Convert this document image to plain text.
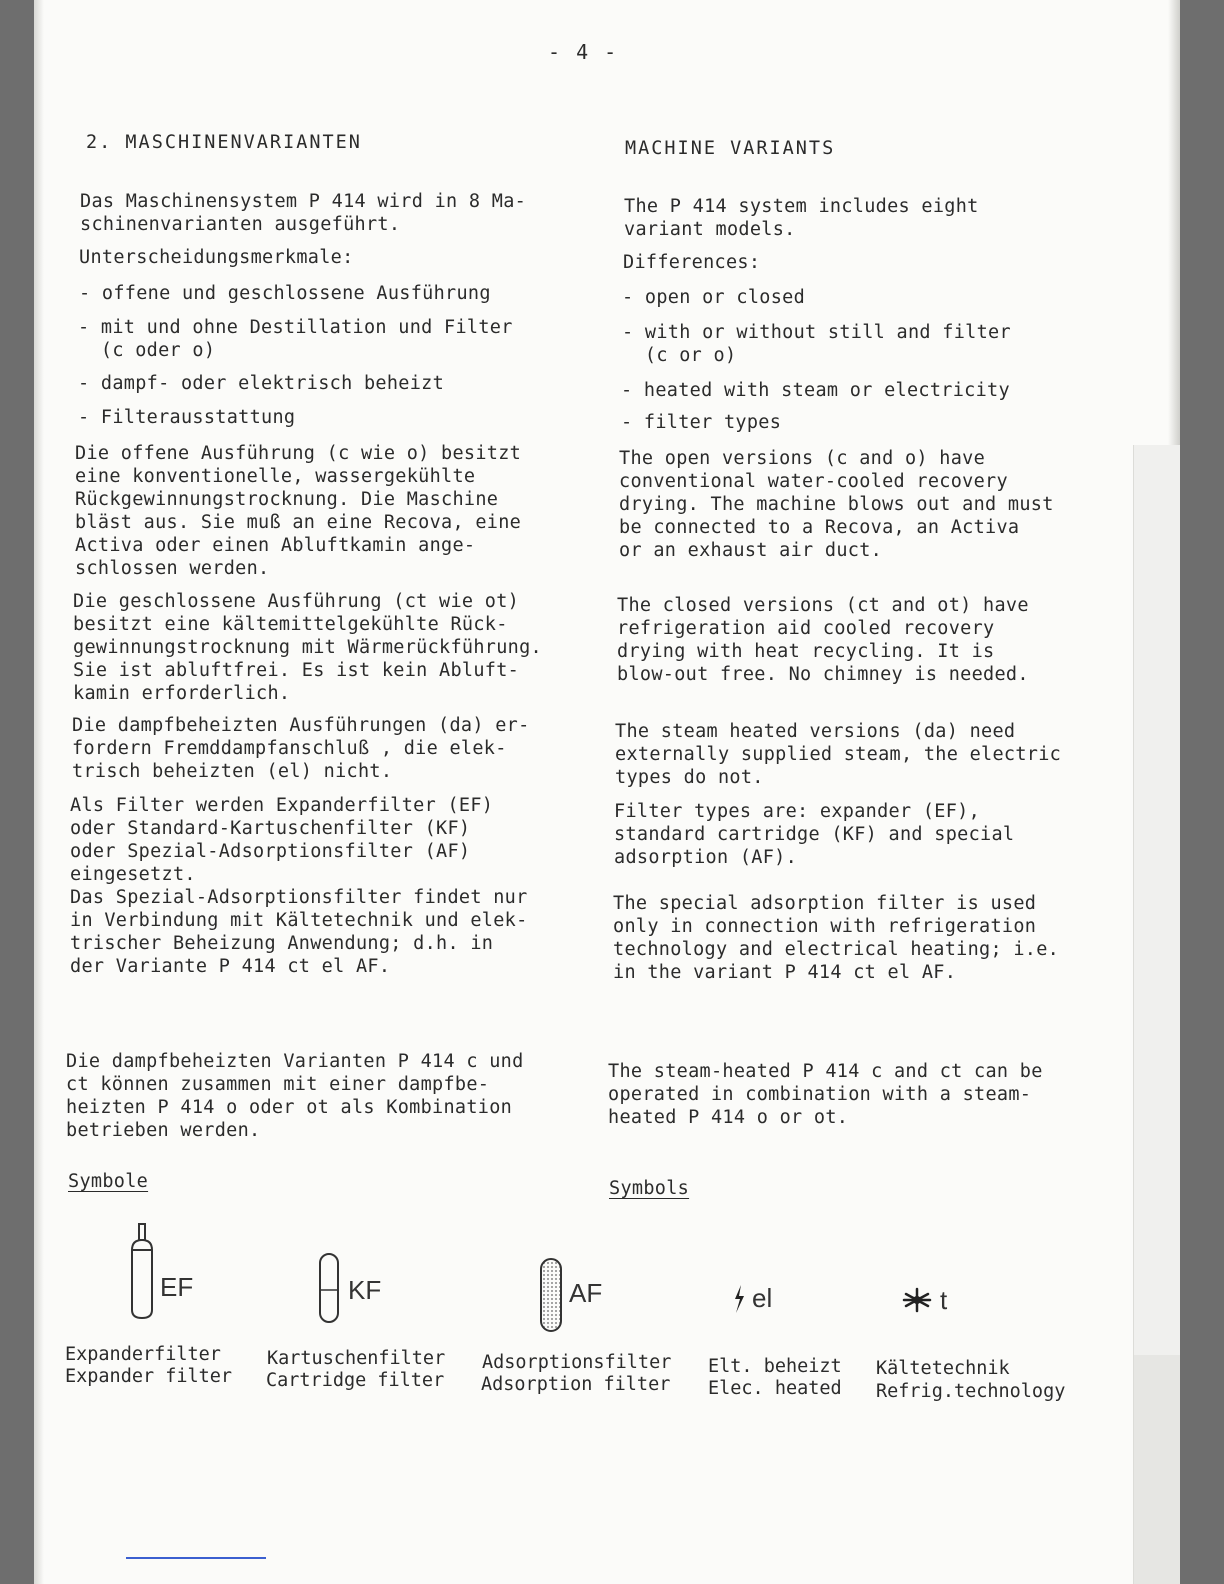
- 4 -
2. MASCHINENVARIANTEN
Das Maschinensystem P 414 wird in 8 Ma-
schinenvarianten ausgeführt.
Unterscheidungsmerkmale:
- offene und geschlossene Ausführung
- mit und ohne Destillation und Filter
(c oder o)
- dampf- oder elektrisch beheizt
- Filterausstattung
Die offene Ausführung (c wie o) besitzt
eine konventionelle, wassergekühlte
Rückgewinnungstrocknung. Die Maschine
bläst aus. Sie muß an eine Recova, eine
Activa oder einen Abluftkamin ange-
schlossen werden.
Die geschlossene Ausführung (ct wie ot)
besitzt eine kältemittelgekühlte Rück-
gewinnungstrocknung mit Wärmerückführung.
Sie ist abluftfrei. Es ist kein Abluft-
kamin erforderlich.
Die dampfbeheizten Ausführungen (da) er-
fordern Fremddampfanschluß , die elek-
trisch beheizten (el) nicht.
Als Filter werden Expanderfilter (EF)
oder Standard-Kartuschenfilter (KF)
oder Spezial-Adsorptionsfilter (AF)
eingesetzt.
Das Spezial-Adsorptionsfilter findet nur
in Verbindung mit Kältetechnik und elek-
trischer Beheizung Anwendung; d.h. in
der Variante P 414 ct el AF.
Die dampfbeheizten Varianten P 414 c und
ct können zusammen mit einer dampfbe-
heizten P 414 o oder ot als Kombination
betrieben werden.
Symbole
MACHINE VARIANTS
The P 414 system includes eight
variant models.
Differences:
- open or closed
- with or without still and filter
(c or o)
- heated with steam or electricity
- filter types
The open versions (c and o) have
conventional water-cooled recovery
drying. The machine blows out and must
be connected to a Recova, an Activa
or an exhaust air duct.
The closed versions (ct and ot) have
refrigeration aid cooled recovery
drying with heat recycling. It is
blow-out free. No chimney is needed.
The steam heated versions (da) need
externally supplied steam, the electric
types do not.
Filter types are: expander (EF),
standard cartridge (KF) and special
adsorption (AF).
The special adsorption filter is used
only in connection with refrigeration
technology and electrical heating; i.e.
in the variant P 414 ct el AF.
The steam-heated P 414 c and ct can be
operated in combination with a steam-
heated P 414 o or ot.
Symbols
EF	KF	AF	el	t
Expanderfilter
Expander filter
Kartuschenfilter
Cartridge filter
Adsorptionsfilter
Adsorption filter
Elt. beheizt
Elec. heated
Kältetechnik
Refrig.technology
